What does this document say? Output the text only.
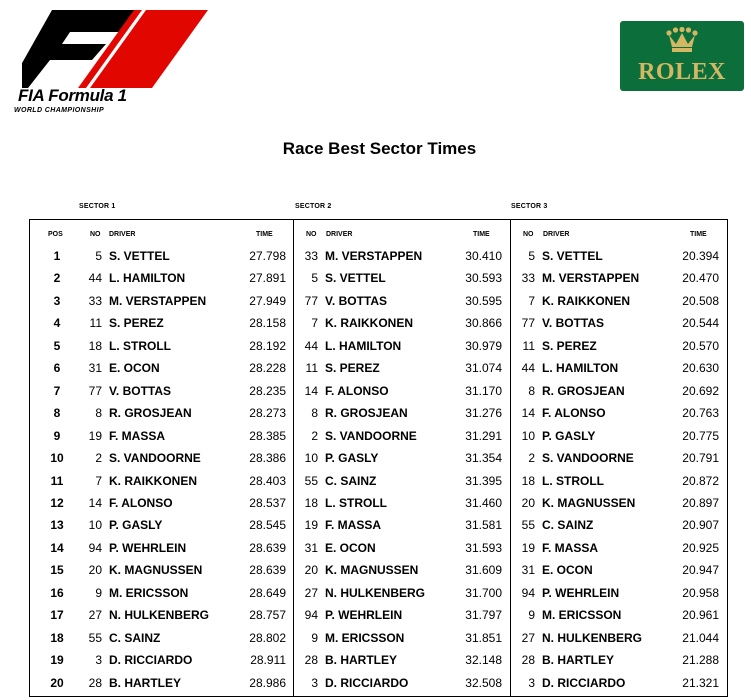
FIA Formula 1
WORLD CHAMPIONSHIP
ROLEX
Race Best Sector Times
SECTOR 1	SECTOR 2	SECTOR 3
POS	NO DRIVER	TIME	NO DRIVER	TIME	NO DRIVER	TIME
1	5 S. VETTEL	27.798	33 M. VERSTAPPEN	30.410	5 S. VETTEL	20.394
2	44 L. HAMILTON	27.891	5 S. VETTEL	30.593	33 M. VERSTAPPEN	20.470
3	33 M. VERSTAPPEN	27.949	77 V. BOTTAS	30.595	7 K. RAIKKONEN	20.508
4	11 S. PEREZ	28.158	7 K. RAIKKONEN	30.866	77 V. BOTTAS	20.544
5	18 L. STROLL	28.192	44 L. HAMILTON	30.979	11 S. PEREZ	20.570
6	31 E. OCON	28.228	11 S. PEREZ	31.074	44 L. HAMILTON	20.630
7	77 V. BOTTAS	28.235	14 F. ALONSO	31.170	8 R. GROSJEAN	20.692
8	8 R. GROSJEAN	28.273	8 R. GROSJEAN	31.276	14 F. ALONSO	20.763
9	19 F. MASSA	28.385	2 S. VANDOORNE	31.291	10 P. GASLY	20.775
10	2 S. VANDOORNE	28.386	10 P. GASLY	31.354	2 S. VANDOORNE	20.791
11	7 K. RAIKKONEN	28.403	55 C. SAINZ	31.395	18 L. STROLL	20.872
12	14 F. ALONSO	28.537	18 L. STROLL	31.460	20 K. MAGNUSSEN	20.897
13	10 P. GASLY	28.545	19 F. MASSA	31.581	55 C. SAINZ	20.907
14	94 P. WEHRLEIN	28.639	31 E. OCON	31.593	19 F. MASSA	20.925
15	20 K. MAGNUSSEN	28.639	20 K. MAGNUSSEN	31.609	31 E. OCON	20.947
16	9 M. ERICSSON	28.649	27 N. HULKENBERG	31.700	94 P. WEHRLEIN	20.958
17	27 N. HULKENBERG	28.757	94 P. WEHRLEIN	31.797	9 M. ERICSSON	20.961
18	55 C. SAINZ	28.802	9 M. ERICSSON	31.851	27 N. HULKENBERG	21.044
19	3 D. RICCIARDO	28.911	28 B. HARTLEY	32.148	28 B. HARTLEY	21.288
20	28 B. HARTLEY	28.986	3 D. RICCIARDO	32.508	3 D. RICCIARDO	21.321
